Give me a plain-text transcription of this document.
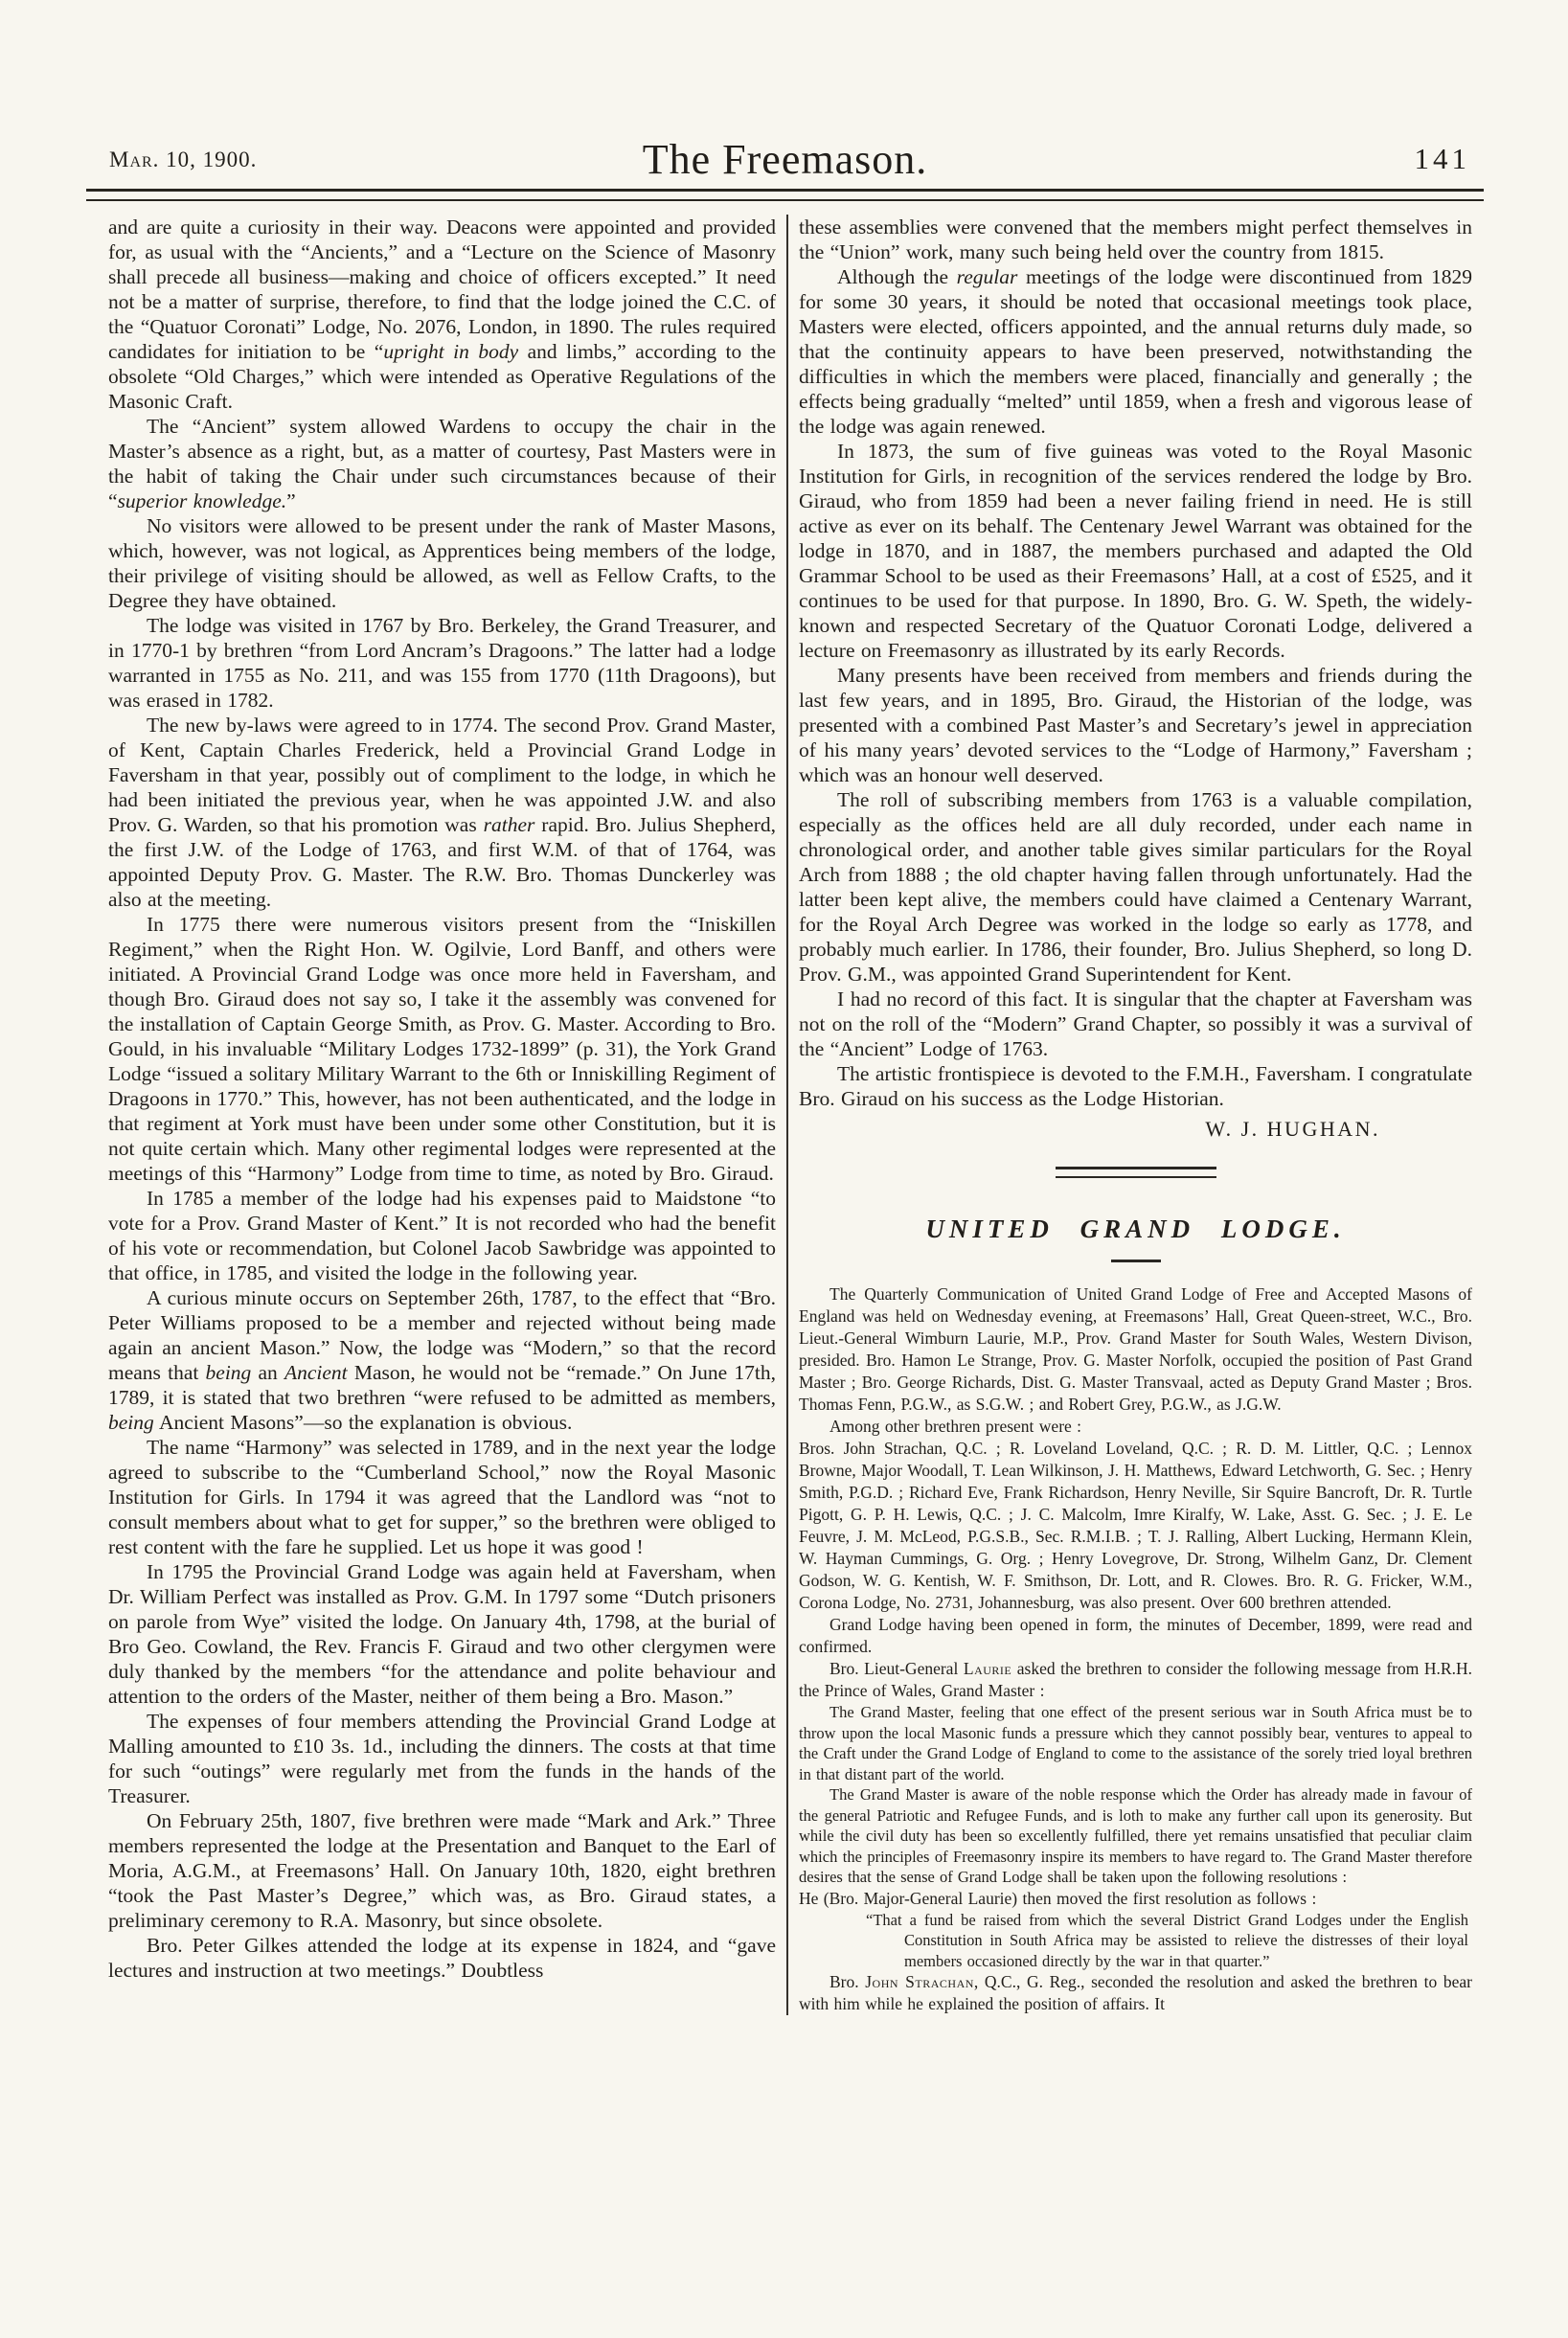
Mar. 10, 1900.	The Freemason.	141

and are quite a curiosity in their way. Deacons were appointed and provided for, as usual with the “Ancients,” and a “Lecture on the Science of Masonry shall precede all business—making and choice of officers excepted.” It need not be a matter of surprise, therefore, to find that the lodge joined the C.C. of the “Quatuor Coronati” Lodge, No. 2076, London, in 1890. The rules required candidates for initiation to be “upright in body and limbs,” according to the obsolete “Old Charges,” which were intended as Operative Regulations of the Masonic Craft.

The “Ancient” system allowed Wardens to occupy the chair in the Master’s absence as a right, but, as a matter of courtesy, Past Masters were in the habit of taking the Chair under such circumstances because of their “superior knowledge.”

No visitors were allowed to be present under the rank of Master Masons, which, however, was not logical, as Apprentices being members of the lodge, their privilege of visiting should be allowed, as well as Fellow Crafts, to the Degree they have obtained.

The lodge was visited in 1767 by Bro. Berkeley, the Grand Treasurer, and in 1770-1 by brethren “from Lord Ancram’s Dragoons.” The latter had a lodge warranted in 1755 as No. 211, and was 155 from 1770 (11th Dragoons), but was erased in 1782.

The new by-laws were agreed to in 1774. The second Prov. Grand Master, of Kent, Captain Charles Frederick, held a Provincial Grand Lodge in Faversham in that year, possibly out of compliment to the lodge, in which he had been initiated the previous year, when he was appointed J.W. and also Prov. G. Warden, so that his promotion was rather rapid. Bro. Julius Shepherd, the first J.W. of the Lodge of 1763, and first W.M. of that of 1764, was appointed Deputy Prov. G. Master. The R.W. Bro. Thomas Dunckerley was also at the meeting.

In 1775 there were numerous visitors present from the “Iniskillen Regiment,” when the Right Hon. W. Ogilvie, Lord Banff, and others were initiated. A Provincial Grand Lodge was once more held in Faversham, and though Bro. Giraud does not say so, I take it the assembly was convened for the installation of Captain George Smith, as Prov. G. Master. According to Bro. Gould, in his invaluable “Military Lodges 1732-1899” (p. 31), the York Grand Lodge “issued a solitary Military Warrant to the 6th or Inniskilling Regiment of Dragoons in 1770.” This, however, has not been authenticated, and the lodge in that regiment at York must have been under some other Constitution, but it is not quite certain which. Many other regimental lodges were represented at the meetings of this “Harmony” Lodge from time to time, as noted by Bro. Giraud.

In 1785 a member of the lodge had his expenses paid to Maidstone “to vote for a Prov. Grand Master of Kent.” It is not recorded who had the benefit of his vote or recommendation, but Colonel Jacob Sawbridge was appointed to that office, in 1785, and visited the lodge in the following year.

A curious minute occurs on September 26th, 1787, to the effect that “Bro. Peter Williams proposed to be a member and rejected without being made again an ancient Mason.” Now, the lodge was “Modern,” so that the record means that being an Ancient Mason, he would not be “remade.” On June 17th, 1789, it is stated that two brethren “were refused to be admitted as members, being Ancient Masons”—so the explanation is obvious.

The name “Harmony” was selected in 1789, and in the next year the lodge agreed to subscribe to the “Cumberland School,” now the Royal Masonic Institution for Girls. In 1794 it was agreed that the Landlord was “not to consult members about what to get for supper,” so the brethren were obliged to rest content with the fare he supplied. Let us hope it was good !

In 1795 the Provincial Grand Lodge was again held at Faversham, when Dr. William Perfect was installed as Prov. G.M. In 1797 some “Dutch prisoners on parole from Wye” visited the lodge. On January 4th, 1798, at the burial of Bro Geo. Cowland, the Rev. Francis F. Giraud and two other clergymen were duly thanked by the members “for the attendance and polite behaviour and attention to the orders of the Master, neither of them being a Bro. Mason.”

The expenses of four members attending the Provincial Grand Lodge at Malling amounted to £10 3s. 1d., including the dinners. The costs at that time for such “outings” were regularly met from the funds in the hands of the Treasurer.

On February 25th, 1807, five brethren were made “Mark and Ark.” Three members represented the lodge at the Presentation and Banquet to the Earl of Moria, A.G.M., at Freemasons’ Hall. On January 10th, 1820, eight brethren “took the Past Master’s Degree,” which was, as Bro. Giraud states, a preliminary ceremony to R.A. Masonry, but since obsolete.

Bro. Peter Gilkes attended the lodge at its expense in 1824, and “gave lectures and instruction at two meetings.” Doubtless

these assemblies were convened that the members might perfect themselves in the “Union” work, many such being held over the country from 1815.

Although the regular meetings of the lodge were discontinued from 1829 for some 30 years, it should be noted that occasional meetings took place, Masters were elected, officers appointed, and the annual returns duly made, so that the continuity appears to have been preserved, notwithstanding the difficulties in which the members were placed, financially and generally ; the effects being gradually “melted” until 1859, when a fresh and vigorous lease of the lodge was again renewed.

In 1873, the sum of five guineas was voted to the Royal Masonic Institution for Girls, in recognition of the services rendered the lodge by Bro. Giraud, who from 1859 had been a never failing friend in need. He is still active as ever on its behalf. The Centenary Jewel Warrant was obtained for the lodge in 1870, and in 1887, the members purchased and adapted the Old Grammar School to be used as their Freemasons’ Hall, at a cost of £525, and it continues to be used for that purpose. In 1890, Bro. G. W. Speth, the widely-known and respected Secretary of the Quatuor Coronati Lodge, delivered a lecture on Freemasonry as illustrated by its early Records.

Many presents have been received from members and friends during the last few years, and in 1895, Bro. Giraud, the Historian of the lodge, was presented with a combined Past Master’s and Secretary’s jewel in appreciation of his many years’ devoted services to the “Lodge of Harmony,” Faversham ; which was an honour well deserved.

The roll of subscribing members from 1763 is a valuable compilation, especially as the offices held are all duly recorded, under each name in chronological order, and another table gives similar particulars for the Royal Arch from 1888 ; the old chapter having fallen through unfortunately. Had the latter been kept alive, the members could have claimed a Centenary Warrant, for the Royal Arch Degree was worked in the lodge so early as 1778, and probably much earlier. In 1786, their founder, Bro. Julius Shepherd, so long D. Prov. G.M., was appointed Grand Superintendent for Kent.

I had no record of this fact. It is singular that the chapter at Faversham was not on the roll of the “Modern” Grand Chapter, so possibly it was a survival of the “Ancient” Lodge of 1763.

The artistic frontispiece is devoted to the F.M.H., Faversham. I congratulate Bro. Giraud on his success as the Lodge Historian.

W. J. HUGHAN.

UNITED GRAND LODGE.

The Quarterly Communication of United Grand Lodge of Free and Accepted Masons of England was held on Wednesday evening, at Freemasons’ Hall, Great Queen-street, W.C., Bro. Lieut.-General Wimburn Laurie, M.P., Prov. Grand Master for South Wales, Western Divison, presided. Bro. Hamon Le Strange, Prov. G. Master Norfolk, occupied the position of Past Grand Master ; Bro. George Richards, Dist. G. Master Transvaal, acted as Deputy Grand Master ; Bros. Thomas Fenn, P.G.W., as S.G.W. ; and Robert Grey, P.G.W., as J.G.W.

Among other brethren present were :

Bros. John Strachan, Q.C. ; R. Loveland Loveland, Q.C. ; R. D. M. Littler, Q.C. ; Lennox Browne, Major Woodall, T. Lean Wilkinson, J. H. Matthews, Edward Letchworth, G. Sec. ; Henry Smith, P.G.D. ; Richard Eve, Frank Richardson, Henry Neville, Sir Squire Bancroft, Dr. R. Turtle Pigott, G. P. H. Lewis, Q.C. ; J. C. Malcolm, Imre Kiralfy, W. Lake, Asst. G. Sec. ; J. E. Le Feuvre, J. M. McLeod, P.G.S.B., Sec. R.M.I.B. ; T. J. Ralling, Albert Lucking, Hermann Klein, W. Hayman Cummings, G. Org. ; Henry Lovegrove, Dr. Strong, Wilhelm Ganz, Dr. Clement Godson, W. G. Kentish, W. F. Smithson, Dr. Lott, and R. Clowes. Bro. R. G. Fricker, W.M., Corona Lodge, No. 2731, Johannesburg, was also present. Over 600 brethren attended.

Grand Lodge having been opened in form, the minutes of December, 1899, were read and confirmed.

Bro. Lieut-General Laurie asked the brethren to consider the following message from H.R.H. the Prince of Wales, Grand Master :

The Grand Master, feeling that one effect of the present serious war in South Africa must be to throw upon the local Masonic funds a pressure which they cannot possibly bear, ventures to appeal to the Craft under the Grand Lodge of England to come to the assistance of the sorely tried loyal brethren in that distant part of the world.

The Grand Master is aware of the noble response which the Order has already made in favour of the general Patriotic and Refugee Funds, and is loth to make any further call upon its generosity. But while the civil duty has been so excellently fulfilled, there yet remains unsatisfied that peculiar claim which the principles of Freemasonry inspire its members to have regard to. The Grand Master therefore desires that the sense of Grand Lodge shall be taken upon the following resolutions :

He (Bro. Major-General Laurie) then moved the first resolution as follows :

“That a fund be raised from which the several District Grand Lodges under the English Constitution in South Africa may be assisted to relieve the distresses of their loyal members occasioned directly by the war in that quarter.”

Bro. John Strachan, Q.C., G. Reg., seconded the resolution and asked the brethren to bear with him while he explained the position of affairs. It
